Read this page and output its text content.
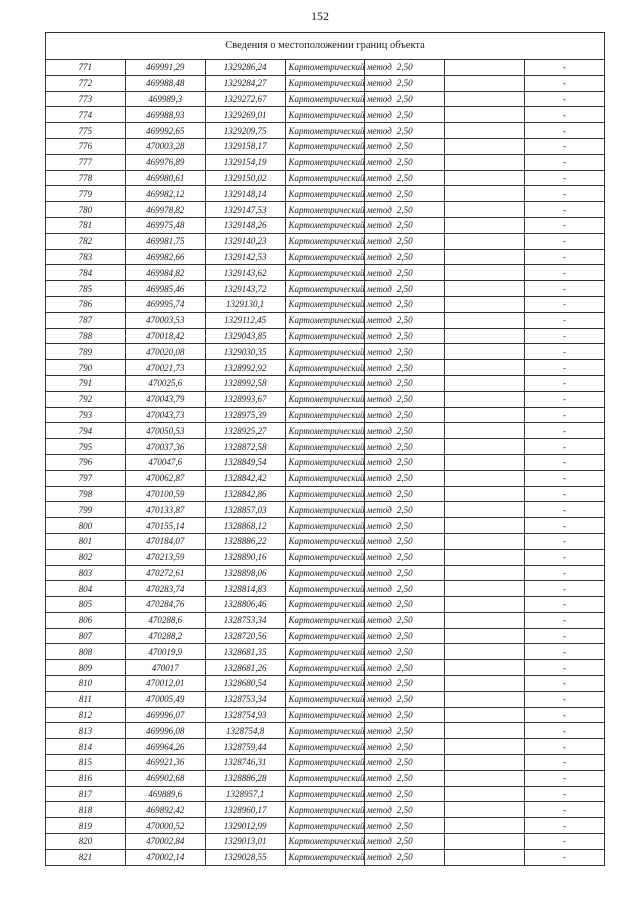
152
Сведения о местоположении границ объекта						
771	469991,29	1329286,24	Картометрический метод	2,50		-
772	469988,48	1329284,27	Картометрический метод	2,50		-
773	469989,3	1329272,67	Картометрический метод	2,50		-
774	469988,93	1329269,01	Картометрический метод	2,50		-
775	469992,65	1329209,75	Картометрический метод	2,50		-
776	470003,28	1329158,17	Картометрический метод	2,50		-
777	469976,89	1329154,19	Картометрический метод	2,50		-
778	469980,61	1329150,02	Картометрический метод	2,50		-
779	469982,12	1329148,14	Картометрический метод	2,50		-
780	469978,82	1329147,53	Картометрический метод	2,50		-
781	469975,48	1329148,26	Картометрический метод	2,50		-
782	469981,75	1329140,23	Картометрический метод	2,50		-
783	469982,66	1329142,53	Картометрический метод	2,50		-
784	469984,82	1329143,62	Картометрический метод	2,50		-
785	469985,46	1329143,72	Картометрический метод	2,50		-
786	469995,74	1329130,1	Картометрический метод	2,50		-
787	470003,53	1329112,45	Картометрический метод	2,50		-
788	470018,42	1329043,85	Картометрический метод	2,50		-
789	470020,08	1329030,35	Картометрический метод	2,50		-
790	470021,73	1328992,92	Картометрический метод	2,50		-
791	470025,6	1328992,58	Картометрический метод	2,50		-
792	470043,79	1328993,67	Картометрический метод	2,50		-
793	470043,73	1328975,39	Картометрический метод	2,50		-
794	470050,53	1328925,27	Картометрический метод	2,50		-
795	470037,36	1328872,58	Картометрический метод	2,50		-
796	470047,6	1328849,54	Картометрический метод	2,50		-
797	470062,87	1328842,42	Картометрический метод	2,50		-
798	470100,59	1328842,86	Картометрический метод	2,50		-
799	470133,87	1328857,03	Картометрический метод	2,50		-
800	470155,14	1328868,12	Картометрический метод	2,50		-
801	470184,07	1328886,22	Картометрический метод	2,50		-
802	470213,59	1328890,16	Картометрический метод	2,50		-
803	470272,61	1328898,06	Картометрический метод	2,50		-
804	470283,74	1328814,83	Картометрический метод	2,50		-
805	470284,76	1328806,46	Картометрический метод	2,50		-
806	470288,6	1328753,34	Картометрический метод	2,50		-
807	470288,2	1328720,56	Картометрический метод	2,50		-
808	470019,9	1328681,35	Картометрический метод	2,50		-
809	470017	1328681,26	Картометрический метод	2,50		-
810	470012,01	1328680,54	Картометрический метод	2,50		-
811	470005,49	1328753,34	Картометрический метод	2,50		-
812	469996,07	1328754,93	Картометрический метод	2,50		-
813	469996,08	1328754,8	Картометрический метод	2,50		-
814	469964,26	1328759,44	Картометрический метод	2,50		-
815	469921,36	1328746,31	Картометрический метод	2,50		-
816	469902,68	1328886,28	Картометрический метод	2,50		-
817	469889,6	1328957,1	Картометрический метод	2,50		-
818	469892,42	1328960,17	Картометрический метод	2,50		-
819	470000,52	1329012,99	Картометрический метод	2,50		-
820	470002,84	1329013,01	Картометрический метод	2,50		-
821	470002,14	1329028,55	Картометрический метод	2,50		-
